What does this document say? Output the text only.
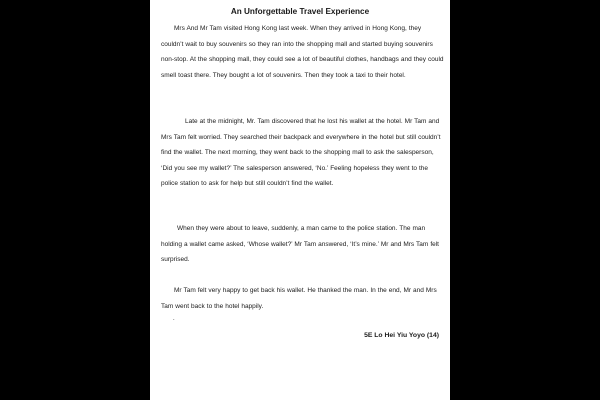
An Unforgettable Travel Experience
Mrs And Mr Tam visited Hong Kong last week. When they arrived in Hong Kong, they couldn’t wait to buy souvenirs so they ran into the shopping mall and started buying souvenirs non-stop. At the shopping mall, they could see a lot of beautiful clothes, handbags and they could smell toast there. They bought a lot of souvenirs. Then they took a taxi to their hotel.
Late at the midnight, Mr. Tam discovered that he lost his wallet at the hotel. Mr Tam and Mrs Tam felt worried. They searched their backpack and everywhere in the hotel but still couldn’t find the wallet. The next morning, they went back to the shopping mall to ask the salesperson, ‘Did you see my wallet?’ The salesperson answered, ‘No.’ Feeling hopeless they went to the police station to ask for help but still couldn’t find the wallet.
When they were about to leave, suddenly, a man came to the police station. The man holding a wallet came asked, ‘Whose wallet?’ Mr Tam answered, ‘It’s mine.’ Mr and Mrs Tam felt surprised.
Mr Tam felt very happy to get back his wallet. He thanked the man. In the end, Mr and Mrs Tam went back to the hotel happily.
.
5E Lo Hei Yiu Yoyo (14)
